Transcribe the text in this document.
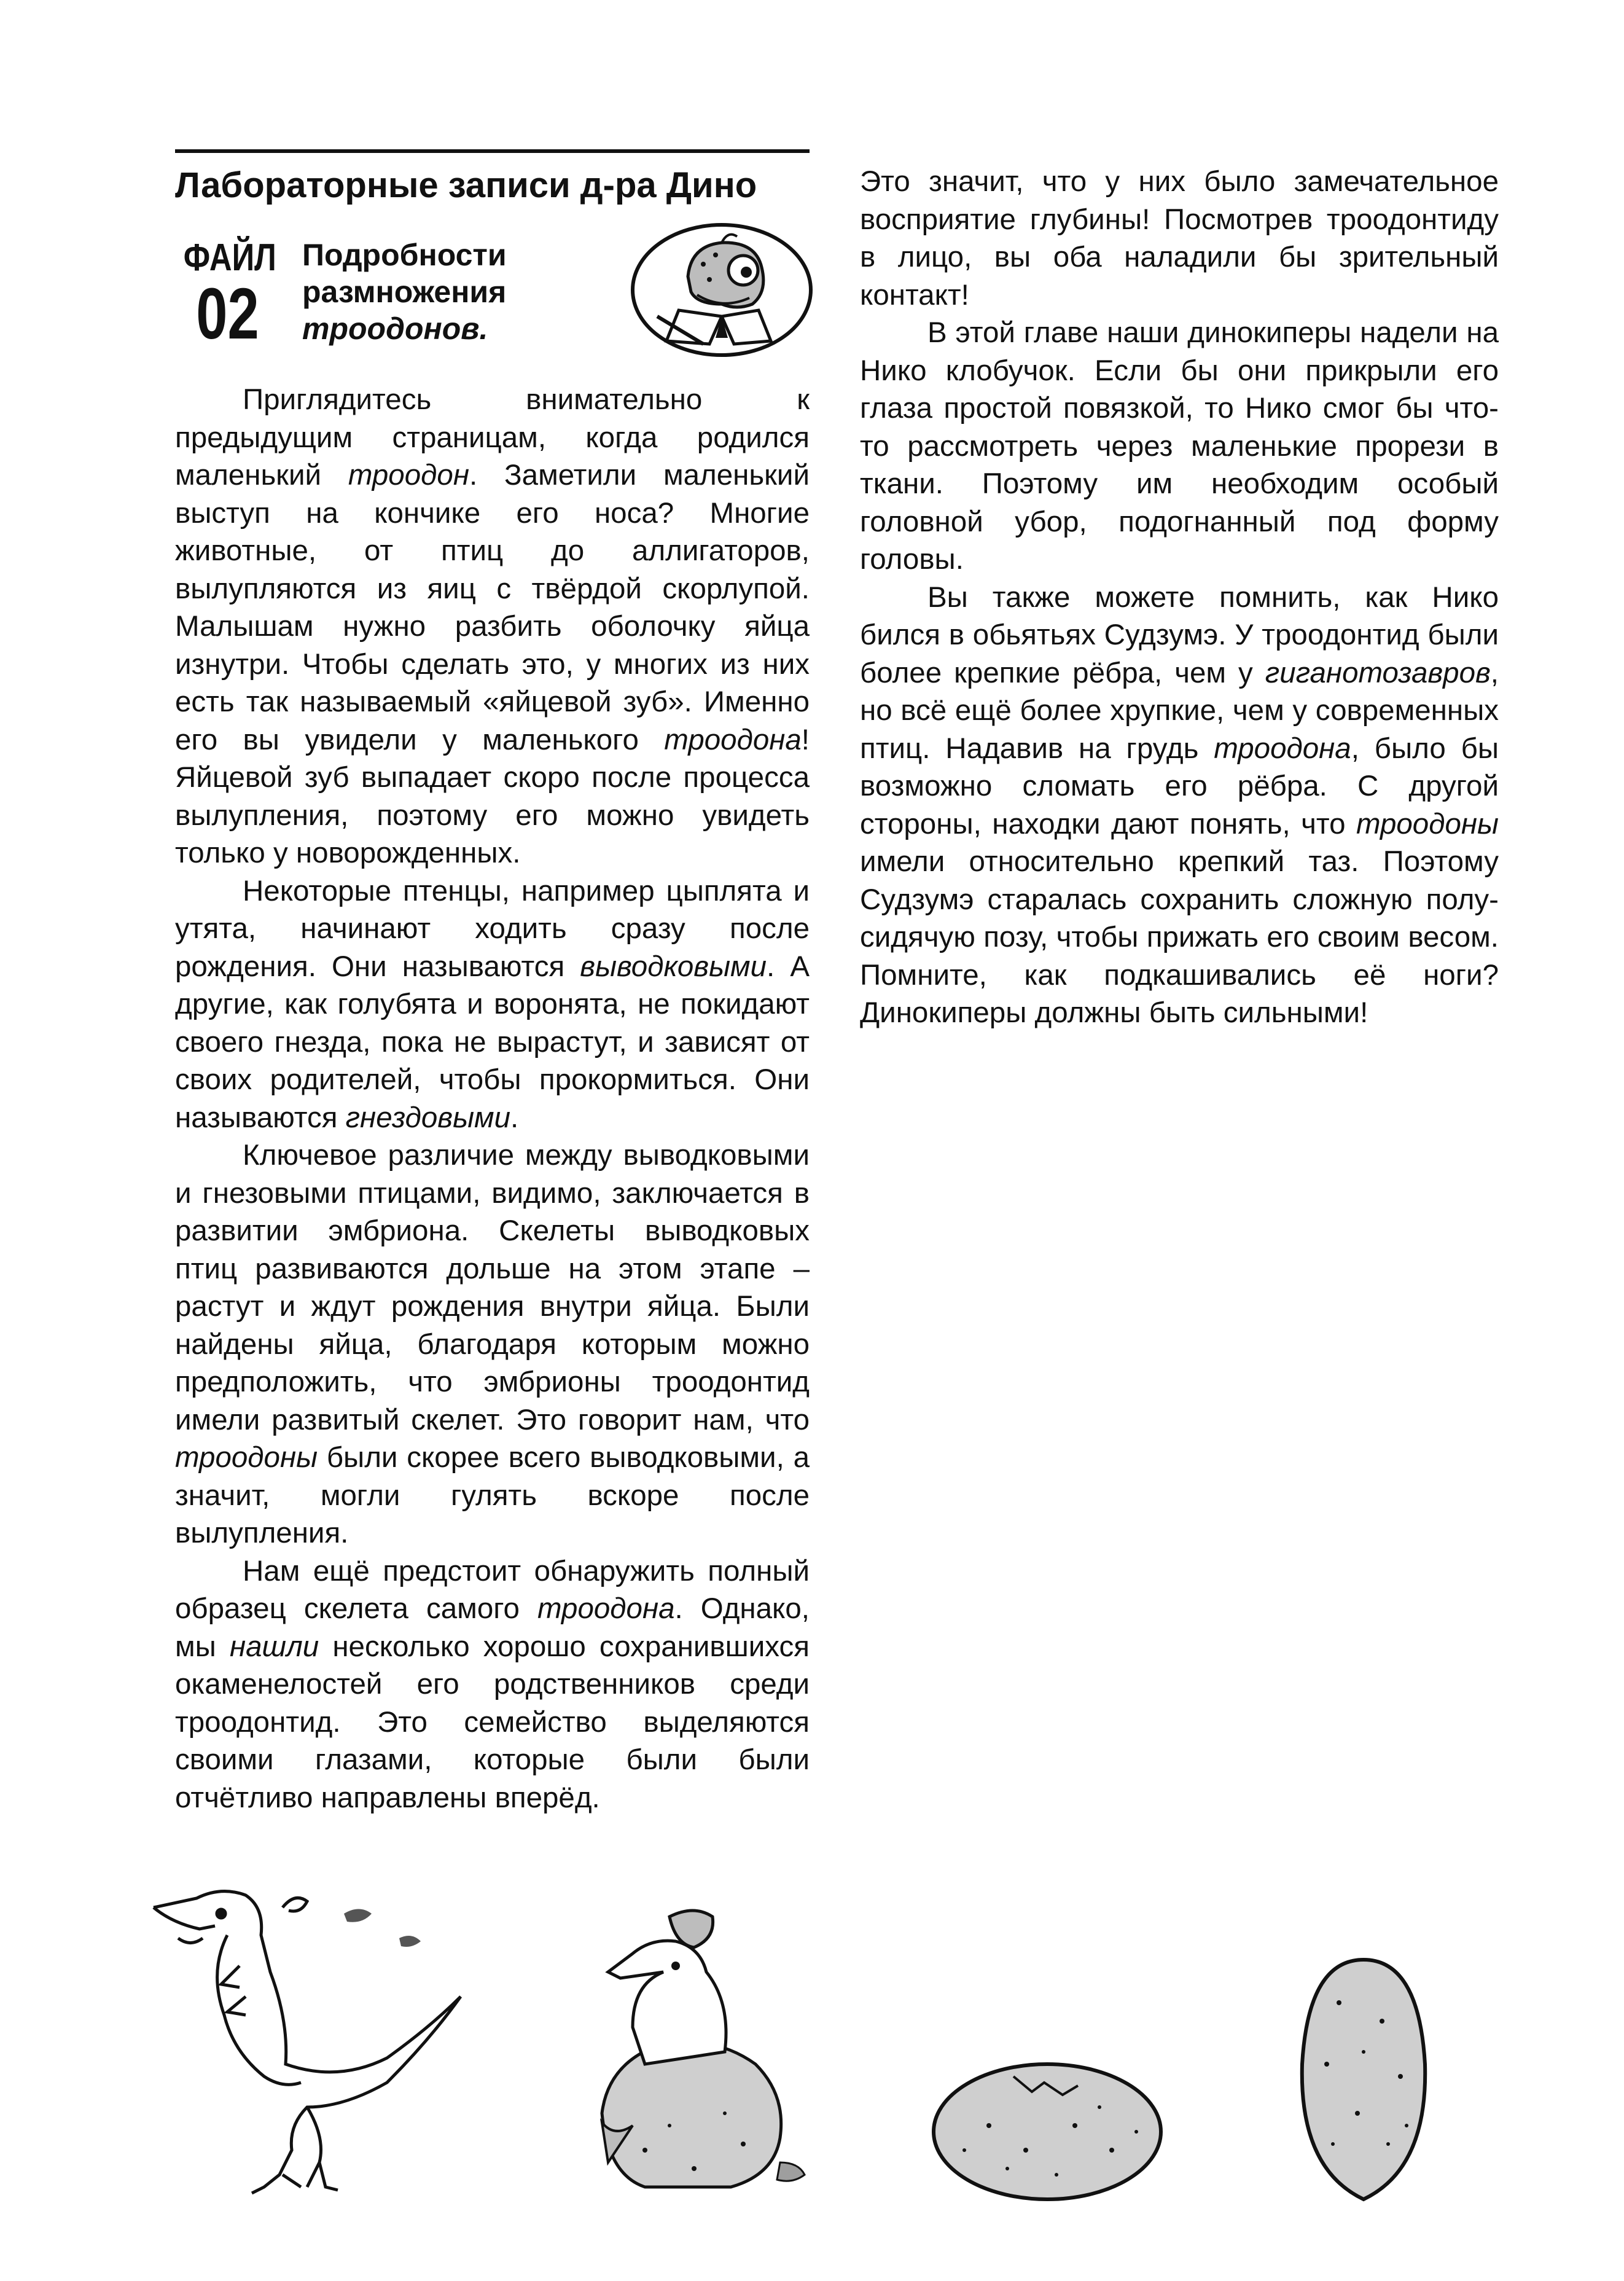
Лабораторные записи д-ра Дино
ФАЙЛ
02
Подробности
размножения
троодонов.

Приглядитесь внимательно к предыдущим страницам, когда родился маленький троодон. Заметили маленький выступ на кончике его носа? Многие животные, от птиц до аллигаторов, вылупляются из яиц с твёрдой скорлупой. Малышам нужно разбить оболочку яйца изнутри. Чтобы сделать это, у многих из них есть так называемый «яйцевой зуб». Именно его вы увидели у маленького троодона! Яйцевой зуб выпадает скоро после процесса вылупления, поэтому его можно увидеть только у новорожденных.

Некоторые птенцы, например цыплята и утята, начинают ходить сразу после рождения. Они называются выводковыми. А другие, как голубята и воронята, не покидают своего гнезда, пока не вырастут, и зависят от своих родителей, чтобы прокормиться. Они называются гнездовыми.

Ключевое различие между выводковыми и гнезовыми птицами, видимо, заключается в развитии эмбриона. Скелеты выводковых птиц развиваются дольше на этом этапе – растут и ждут рождения внутри яйца. Были найдены яйца, благодаря которым можно предположить, что эмбрионы троодонтид имели развитый скелет. Это говорит нам, что троодоны были скорее всего выводковыми, а значит, могли гулять вскоре после вылупления.

Нам ещё предстоит обнаружить полный образец скелета самого троодона. Однако, мы нашли несколько хорошо сохранившихся окаменелостей его родственников среди троодонтид. Это семейство выделяются своими глазами, которые были были отчётливо направлены вперёд.

Это значит, что у них было замечательное восприятие глубины! Посмотрев троодонтиду в лицо, вы оба наладили бы зрительный контакт!

В этой главе наши динокиперы надели на Нико клобучок. Если бы они прикрыли его глаза простой повязкой, то Нико смог бы что-то рассмотреть через маленькие прорези в ткани. Поэтому им необходим особый головной убор, подогнанный под форму головы.

Вы также можете помнить, как Нико бился в обьятьях Судзумэ. У троодонтид были более крепкие рёбра, чем у гиганотозавров, но всё ещё более хрупкие, чем у современных птиц. Надавив на грудь троодона, было бы возможно сломать его рёбра. С другой стороны, находки дают понять, что троодоны имели относительно крепкий таз. Поэтому Судзумэ старалась сохранить сложную полу-сидячую позу, чтобы прижать его своим весом. Помните, как подкашивались её ноги? Динокиперы должны быть сильными!
